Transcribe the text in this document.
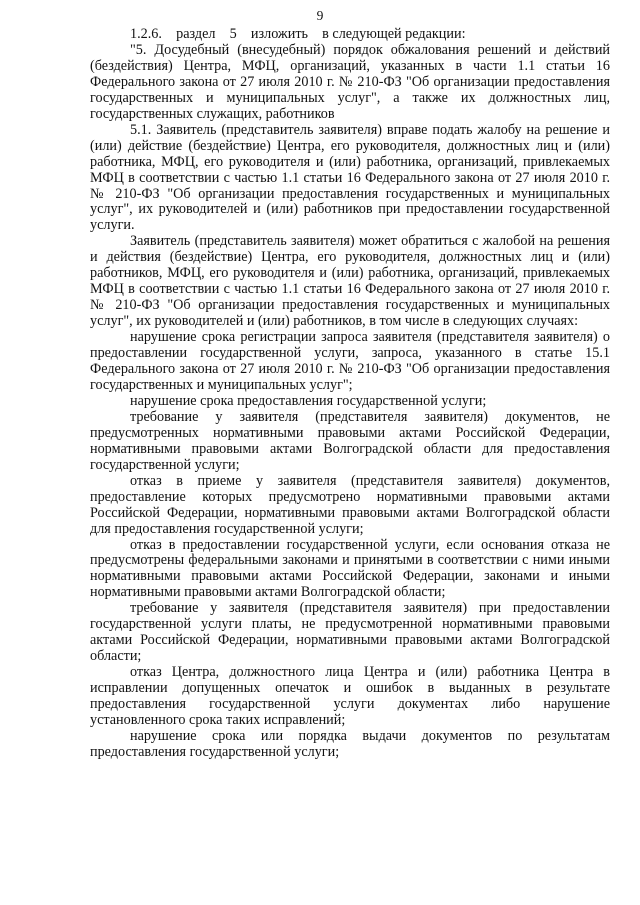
9

1.2.6.    раздел    5    изложить    в следующей редакции:

"5. Досудебный (внесудебный) порядок обжалования решений и действий (бездействия) Центра, МФЦ, организаций, указанных в части 1.1 статьи 16 Федерального закона от 27 июля 2010 г. № 210-ФЗ "Об организации предоставления государственных и муниципальных услуг", а также их должностных лиц, государственных служащих, работников

5.1. Заявитель (представитель заявителя) вправе подать жалобу на решение и (или) действие (бездействие) Центра, его руководителя, должностных лиц и (или) работника, МФЦ, его руководителя и (или) работника, организаций, привлекаемых МФЦ в соответствии с частью 1.1 статьи 16 Федерального закона от 27 июля 2010 г. № 210-ФЗ "Об организации предоставления государственных и муниципальных услуг", их руководителей и (или) работников при предоставлении государственной услуги.

Заявитель (представитель заявителя) может обратиться с жалобой на решения и действия (бездействие) Центра, его руководителя, должностных лиц и (или) работников, МФЦ, его руководителя и (или) работника, организаций, привлекаемых МФЦ в соответствии с частью 1.1 статьи 16 Федерального закона от 27 июля 2010 г. № 210-ФЗ "Об организации предоставления государственных и муниципальных услуг", их руководителей и (или) работников, в том числе в следующих случаях:

нарушение срока регистрации запроса заявителя (представителя заявителя) о предоставлении государственной услуги, запроса, указанного в статье 15.1 Федерального закона от 27 июля 2010 г. № 210-ФЗ "Об организации предоставления государственных и муниципальных услуг";

нарушение срока предоставления государственной услуги;

требование у заявителя (представителя заявителя) документов, не предусмотренных нормативными правовыми актами Российской Федерации, нормативными правовыми актами Волгоградской области для предоставления государственной услуги;

отказ в приеме у заявителя (представителя заявителя) документов, предоставление которых предусмотрено нормативными правовыми актами Российской Федерации, нормативными правовыми актами Волгоградской области для предоставления государственной услуги;

отказ в предоставлении государственной услуги, если основания отказа не предусмотрены федеральными законами и принятыми в соответствии с ними иными нормативными правовыми актами Российской Федерации, законами и иными нормативными правовыми актами Волгоградской области;

требование у заявителя (представителя заявителя) при предоставлении государственной услуги платы, не предусмотренной нормативными правовыми актами Российской Федерации, нормативными правовыми актами Волгоградской области;

отказ Центра, должностного лица Центра и (или) работника Центра в исправлении допущенных опечаток и ошибок в выданных в результате предоставления государственной услуги документах либо нарушение установленного срока таких исправлений;

нарушение срока или порядка выдачи документов по результатам предоставления государственной услуги;
